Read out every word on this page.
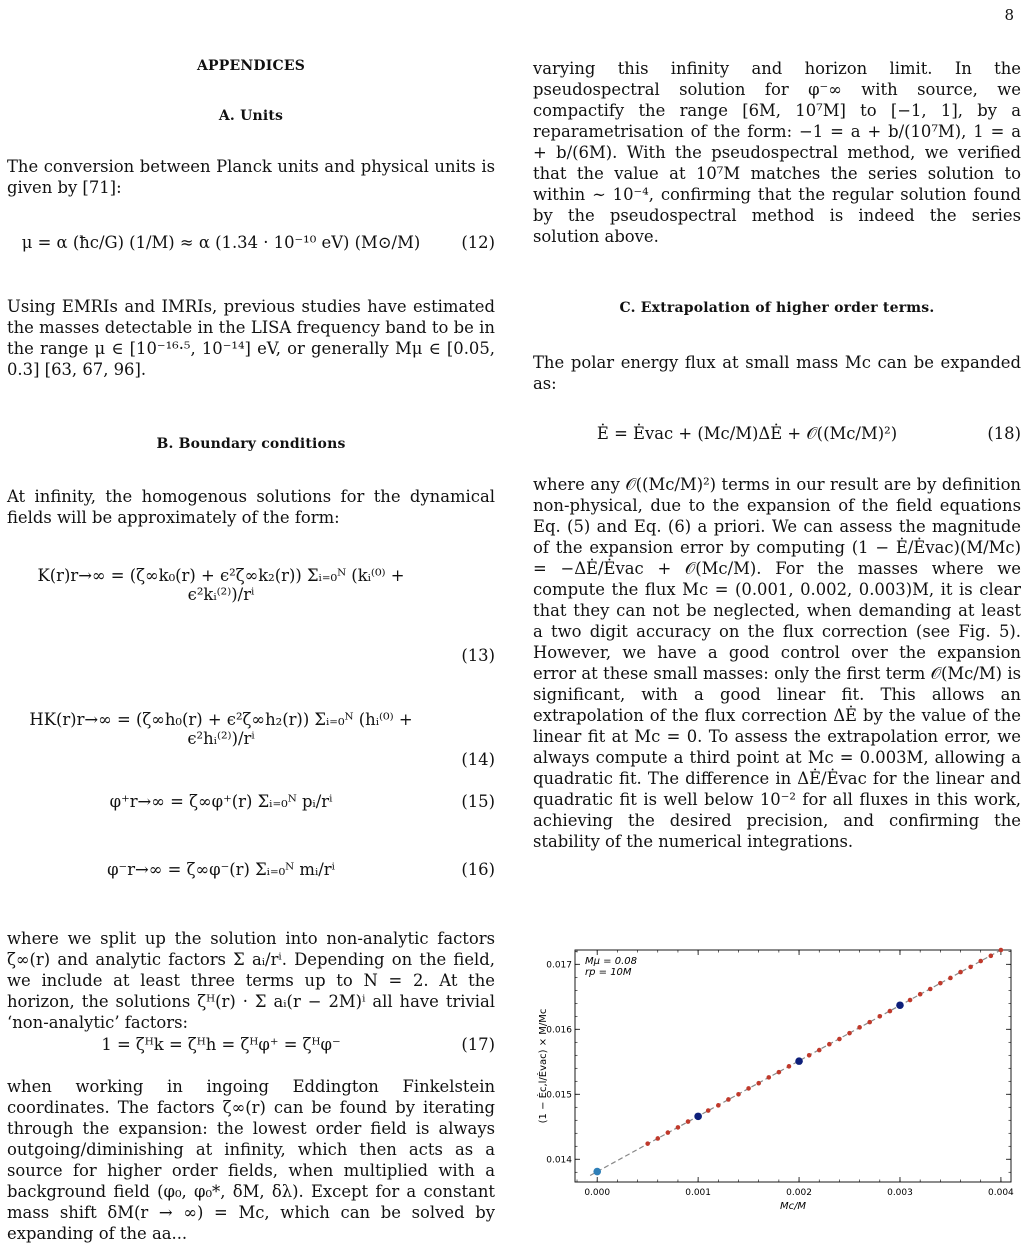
8
APPENDICES
A. Units
The conversion between Planck units and physical units is given by [71]:
μ = α (ħc/G) (1/M) ≈ α (1.34 · 10⁻¹⁰ eV) (M⊙/M)	(12)
Using EMRIs and IMRIs, previous studies have estimated the masses detectable in the LISA frequency band to be in the range μ ∈ [10⁻¹⁶·⁵, 10⁻¹⁴] eV, or generally Mμ ∈ [0.05, 0.3] [63, 67, 96].
B. Boundary conditions
At infinity, the homogenous solutions for the dynamical fields will be approximately of the form:
K(r)r→∞ = (ζ∞k₀(r) + ϵ²ζ∞k₂(r)) Σᵢ₌₀ᴺ (kᵢ⁽⁰⁾ + ϵ²kᵢ⁽²⁾)/rⁱ
(13)
HK(r)r→∞ = (ζ∞h₀(r) + ϵ²ζ∞h₂(r)) Σᵢ₌₀ᴺ (hᵢ⁽⁰⁾ + ϵ²hᵢ⁽²⁾)/rⁱ
(14)
φ⁺r→∞ = ζ∞φ⁺(r) Σᵢ₌₀ᴺ pᵢ/rⁱ	(15)
φ⁻r→∞ = ζ∞φ⁻(r) Σᵢ₌₀ᴺ mᵢ/rⁱ	(16)
where we split up the solution into non-analytic factors ζ∞(r) and analytic factors Σ aᵢ/rⁱ. Depending on the field, we include at least three terms up to N = 2. At the horizon, the solutions ζᴴ(r) · Σ aᵢ(r − 2M)ⁱ all have trivial ‘non-analytic’ factors:
1 = ζᴴk = ζᴴh = ζᴴφ⁺ = ζᴴφ⁻	(17)
when working in ingoing Eddington Finkelstein coordinates. The factors ζ∞(r) can be found by iterating through the expansion: the lowest order field is always outgoing/diminishing at infinity, which then acts as a source for higher order fields, when multiplied with a background field (φ₀, φ₀*, δM, δλ). Except for a constant mass shift δM(r → ∞) = Mc, which can be solved by expanding of the aa...
varying this infinity and horizon limit. In the pseudospectral solution for φ⁻∞ with source, we compactify the range [6M, 10⁷M] to [−1, 1], by a reparametrisation of the form: −1 = a + b/(10⁷M), 1 = a + b/(6M). With the pseudospectral method, we verified that the value at 10⁷M matches the series solution to within ∼ 10⁻⁴, confirming that the regular solution found by the pseudospectral method is indeed the series solution above.
C. Extrapolation of higher order terms.
The polar energy flux at small mass Mc can be expanded as:
Ė = Ėvac + (Mc/M)ΔĖ + 𝒪((Mc/M)²)	(18)
where any 𝒪((Mc/M)²) terms in our result are by definition non-physical, due to the expansion of the field equations Eq. (5) and Eq. (6) a priori. We can assess the magnitude of the expansion error by computing (1 − Ė/Ėvac)(M/Mc) = −ΔĖ/Ėvac + 𝒪(Mc/M). For the masses where we compute the flux Mc = (0.001, 0.002, 0.003)M, it is clear that they can not be neglected, when demanding at least a two digit accuracy on the flux correction (see Fig. 5). However, we have a good control over the expansion error at these small masses: only the first term 𝒪(Mc/M) is significant, with a good linear fit. This allows an extrapolation of the flux correction ΔĖ by the value of the linear fit at Mc = 0. To assess the extrapolation error, we always compute a third point at Mc = 0.003M, allowing a quadratic fit. The difference in ΔĖ/Ėvac for the linear and quadratic fit is well below 10⁻² for all fluxes in this work, achieving the desired precision, and confirming the stability of the numerical integrations.
0.000	0.001	0.002	0.003	0.004
0.014
0.015
0.016
0.017
Mc/M
(1 − Ėc,l/Ėvac) × M/Mc
Mμ = 0.08
rp = 10M
